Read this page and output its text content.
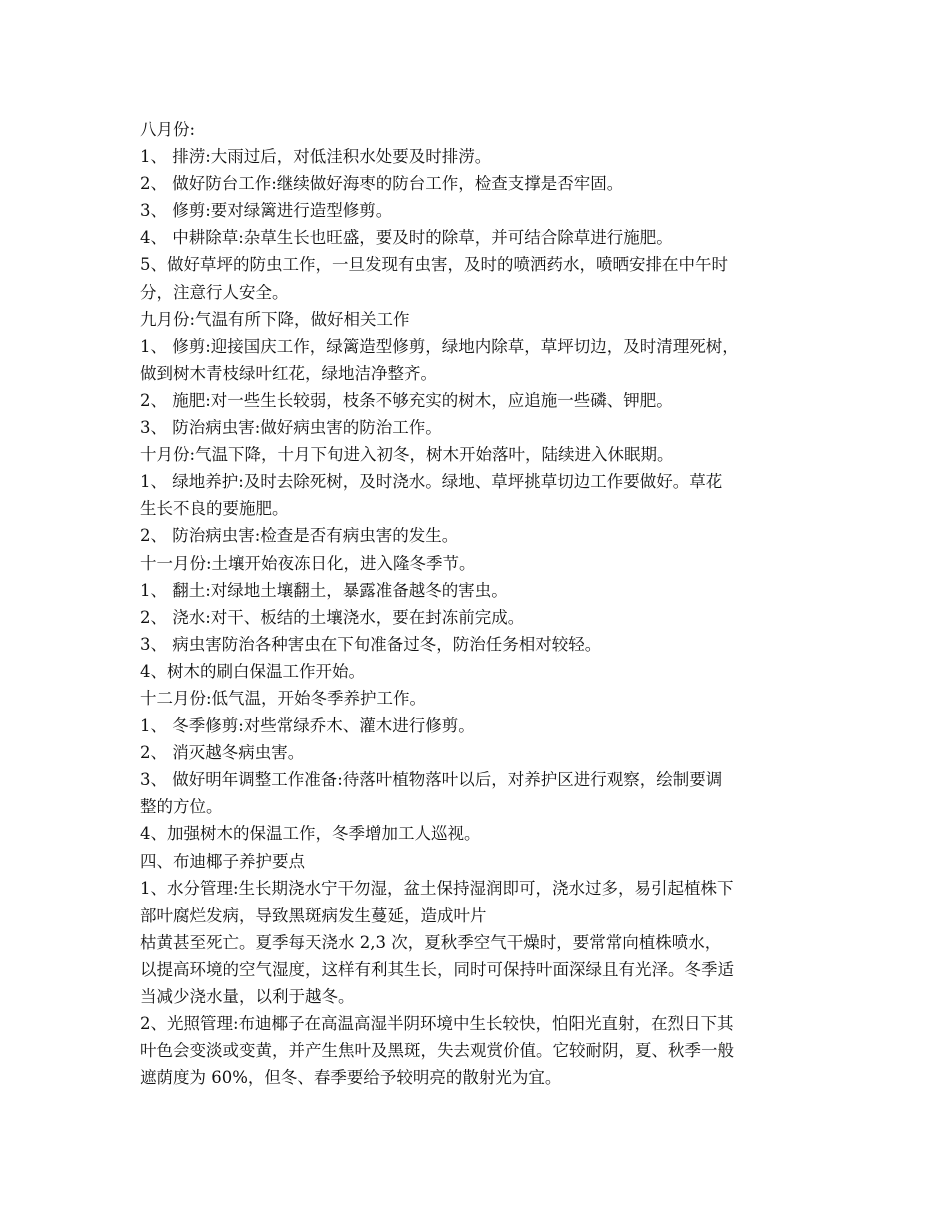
八月份:
1、 排涝:大雨过后，对低洼积水处要及时排涝。
2、 做好防台工作:继续做好海枣的防台工作，检查支撑是否牢固。
3、 修剪:要对绿篱进行造型修剪。
4、 中耕除草:杂草生长也旺盛，要及时的除草，并可结合除草进行施肥。
5、做好草坪的防虫工作，一旦发现有虫害，及时的喷洒药水，喷晒安排在中午时
分，注意行人安全。
九月份:气温有所下降，做好相关工作
1、 修剪:迎接国庆工作，绿篱造型修剪，绿地内除草，草坪切边，及时清理死树，
做到树木青枝绿叶红花，绿地洁净整齐。
2、 施肥:对一些生长较弱，枝条不够充实的树木，应追施一些磷、钾肥。
3、 防治病虫害:做好病虫害的防治工作。
十月份:气温下降，十月下旬进入初冬，树木开始落叶，陆续进入休眠期。
1、 绿地养护:及时去除死树，及时浇水。绿地、草坪挑草切边工作要做好。草花
生长不良的要施肥。
2、 防治病虫害:检查是否有病虫害的发生。
十一月份:土壤开始夜冻日化，进入隆冬季节。
1、 翻土:对绿地土壤翻土，暴露准备越冬的害虫。
2、 浇水:对干、板结的土壤浇水，要在封冻前完成。
3、 病虫害防治各种害虫在下旬准备过冬，防治任务相对较轻。
4、树木的刷白保温工作开始。
十二月份:低气温，开始冬季养护工作。
1、 冬季修剪:对些常绿乔木、灌木进行修剪。
2、 消灭越冬病虫害。
3、 做好明年调整工作准备:待落叶植物落叶以后，对养护区进行观察，绘制要调
整的方位。
4、加强树木的保温工作，冬季增加工人巡视。
四、布迪椰子养护要点
1、水分管理:生长期浇水宁干勿湿，盆土保持湿润即可，浇水过多，易引起植株下
部叶腐烂发病，导致黑斑病发生蔓延，造成叶片
枯黄甚至死亡。夏季每天浇水 2,3 次，夏秋季空气干燥时，要常常向植株喷水，
以提高环境的空气湿度，这样有利其生长，同时可保持叶面深绿且有光泽。冬季适
当减少浇水量，以利于越冬。
2、光照管理:布迪椰子在高温高湿半阴环境中生长较快，怕阳光直射，在烈日下其
叶色会变淡或变黄，并产生焦叶及黑斑，失去观赏价值。它较耐阴，夏、秋季一般
遮荫度为 60%，但冬、春季要给予较明亮的散射光为宜。
